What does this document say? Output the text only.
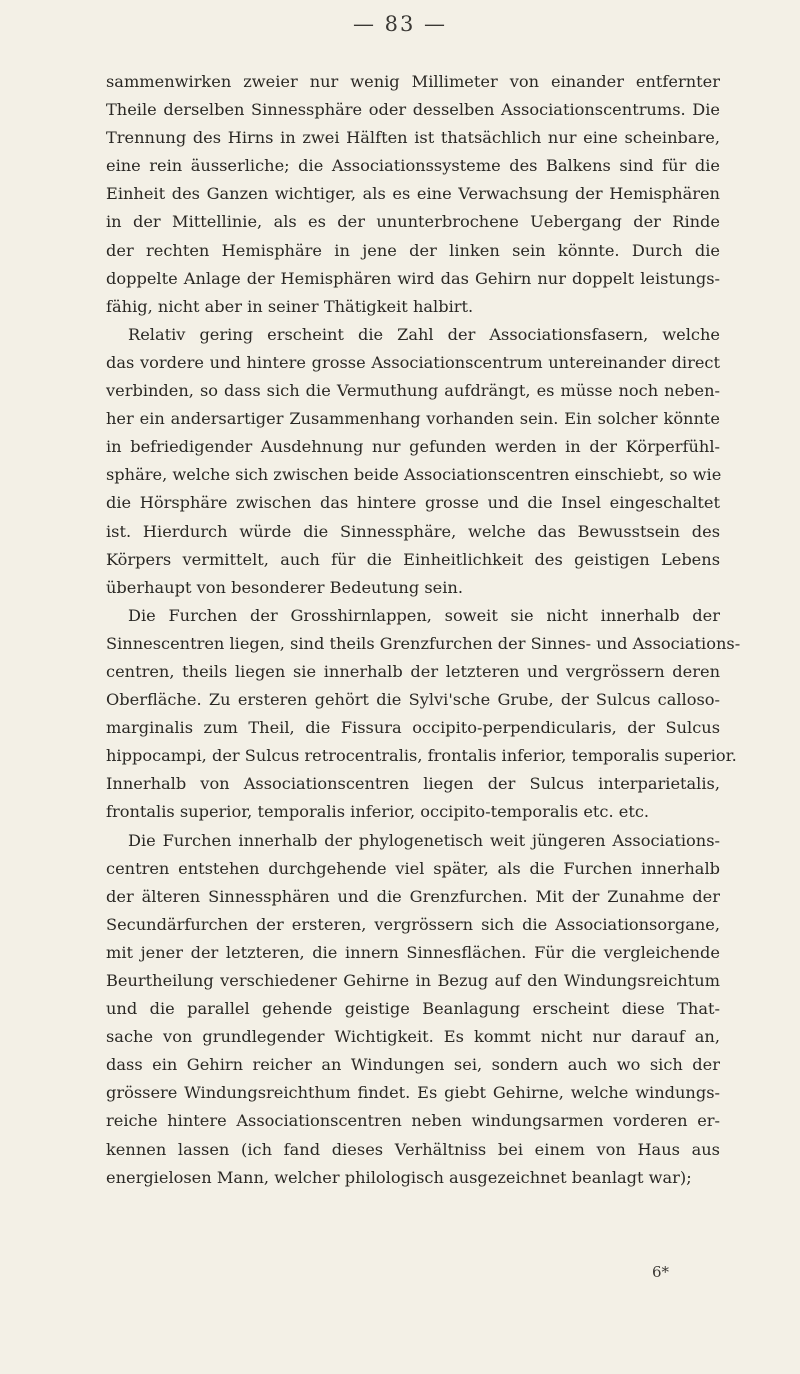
— 83 —
sammenwirken zweier nur wenig Millimeter von einander entfernter
Theile derselben Sinnessphäre oder desselben Associationscentrums. Die
Trennung des Hirns in zwei Hälften ist thatsächlich nur eine scheinbare,
eine rein äusserliche; die Associationssysteme des Balkens sind für die
Einheit des Ganzen wichtiger, als es eine Verwachsung der Hemisphären
in der Mittellinie, als es der ununterbrochene Uebergang der Rinde
der rechten Hemisphäre in jene der linken sein könnte. Durch die
doppelte Anlage der Hemisphären wird das Gehirn nur doppelt leistungs-
fähig, nicht aber in seiner Thätigkeit halbirt.
Relativ gering erscheint die Zahl der Associationsfasern, welche
das vordere und hintere grosse Associationscentrum untereinander direct
verbinden, so dass sich die Vermuthung aufdrängt, es müsse noch neben-
her ein andersartiger Zusammenhang vorhanden sein. Ein solcher könnte
in befriedigender Ausdehnung nur gefunden werden in der Körperfühl-
sphäre, welche sich zwischen beide Associationscentren einschiebt, so wie
die Hörsphäre zwischen das hintere grosse und die Insel eingeschaltet
ist. Hierdurch würde die Sinnessphäre, welche das Bewusstsein des
Körpers vermittelt, auch für die Einheitlichkeit des geistigen Lebens
überhaupt von besonderer Bedeutung sein.
Die Furchen der Grosshirnlappen, soweit sie nicht innerhalb der
Sinnescentren liegen, sind theils Grenzfurchen der Sinnes- und Associations-
centren, theils liegen sie innerhalb der letzteren und vergrössern deren
Oberfläche. Zu ersteren gehört die Sylvi'sche Grube, der Sulcus calloso-
marginalis zum Theil, die Fissura occipito-perpendicularis, der Sulcus
hippocampi, der Sulcus retrocentralis, frontalis inferior, temporalis superior.
Innerhalb von Associationscentren liegen der Sulcus interparietalis,
frontalis superior, temporalis inferior, occipito-temporalis etc. etc.
Die Furchen innerhalb der phylogenetisch weit jüngeren Associations-
centren entstehen durchgehende viel später, als die Furchen innerhalb
der älteren Sinnessphären und die Grenzfurchen. Mit der Zunahme der
Secundärfurchen der ersteren, vergrössern sich die Associationsorgane,
mit jener der letzteren, die innern Sinnesflächen. Für die vergleichende
Beurtheilung verschiedener Gehirne in Bezug auf den Windungsreichtum
und die parallel gehende geistige Beanlagung erscheint diese That-
sache von grundlegender Wichtigkeit. Es kommt nicht nur darauf an,
dass ein Gehirn reicher an Windungen sei, sondern auch wo sich der
grössere Windungsreichthum findet. Es giebt Gehirne, welche windungs-
reiche hintere Associationscentren neben windungsarmen vorderen er-
kennen lassen (ich fand dieses Verhältniss bei einem von Haus aus
energielosen Mann, welcher philologisch ausgezeichnet beanlagt war);
6*
